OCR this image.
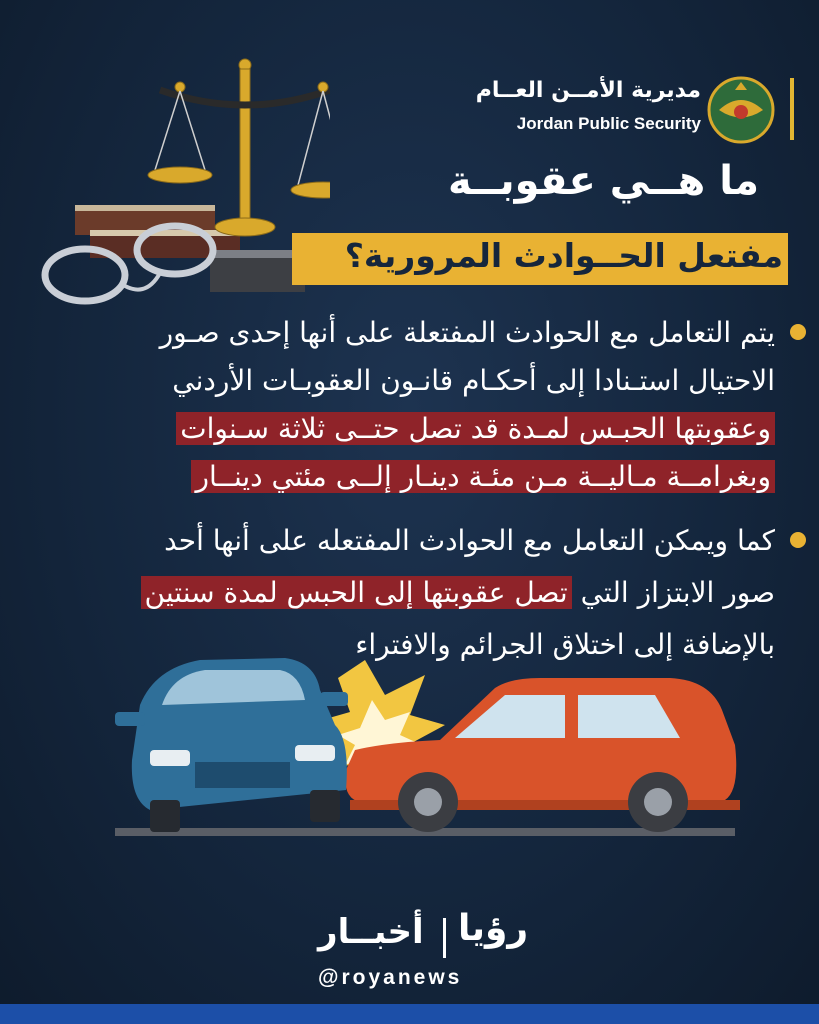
مديرية الأمــن العــام
Jordan Public Security
ما هــي عقوبــة
مفتعل الحــوادث المرورية؟
يتم التعامل مع الحوادث المفتعلة على أنها إحدى صـور
الاحتيال استـنادا إلى أحكـام قانـون العقوبـات الأردني
وعقوبتها الحبـس لمـدة قد تصل حتــى ثلاثة سـنوات
وبغرامــة مـاليــة مـن مئـة دينـار إلــى مئتي دينــار
كما ويمكن التعامل مع الحوادث المفتعله على أنها أحد
صور الابتزاز التي تصل عقوبتها إلى الحبس لمدة سنتين
بالإضافة إلى اختلاق الجرائم والافتراء
أخبــار رؤيا
@royanews
